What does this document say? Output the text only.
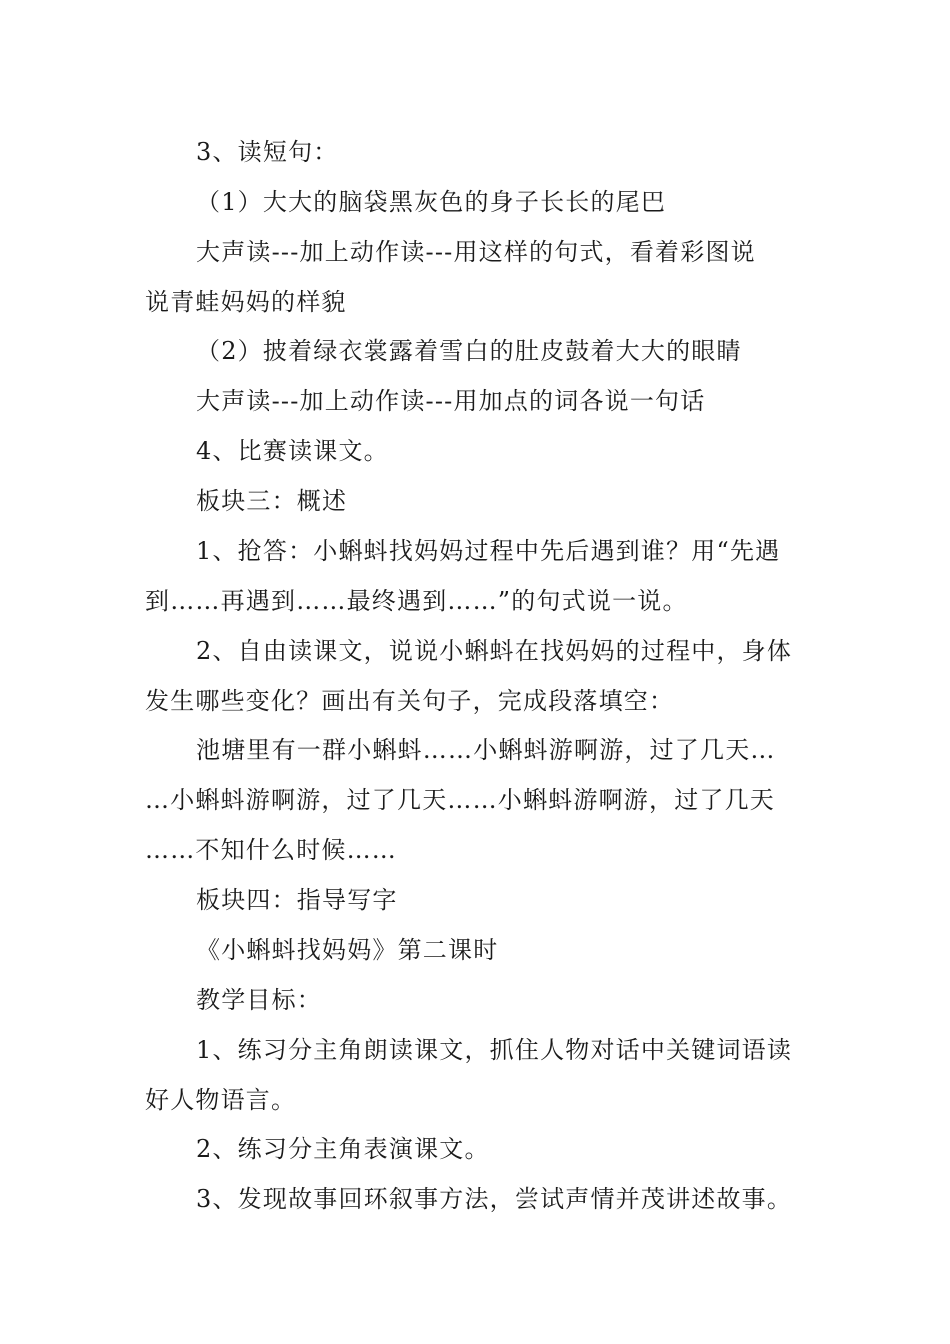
3、读短句：
（1）大大的脑袋黑灰色的身子长长的尾巴
大声读---加上动作读---用这样的句式，看着彩图说
说青蛙妈妈的样貌
（2）披着绿衣裳露着雪白的肚皮鼓着大大的眼睛
大声读---加上动作读---用加点的词各说一句话
4、比赛读课文。
板块三：概述
1、抢答：小蝌蚪找妈妈过程中先后遇到谁？用“先遇
到……再遇到……最终遇到……”的句式说一说。
2、自由读课文，说说小蝌蚪在找妈妈的过程中，身体
发生哪些变化？画出有关句子，完成段落填空：
池塘里有一群小蝌蚪……小蝌蚪游啊游，过了几天…
…小蝌蚪游啊游，过了几天……小蝌蚪游啊游，过了几天
……不知什么时候……
板块四：指导写字
《小蝌蚪找妈妈》第二课时
教学目标：
1、练习分主角朗读课文，抓住人物对话中关键词语读
好人物语言。
2、练习分主角表演课文。
3、发现故事回环叙事方法，尝试声情并茂讲述故事。
